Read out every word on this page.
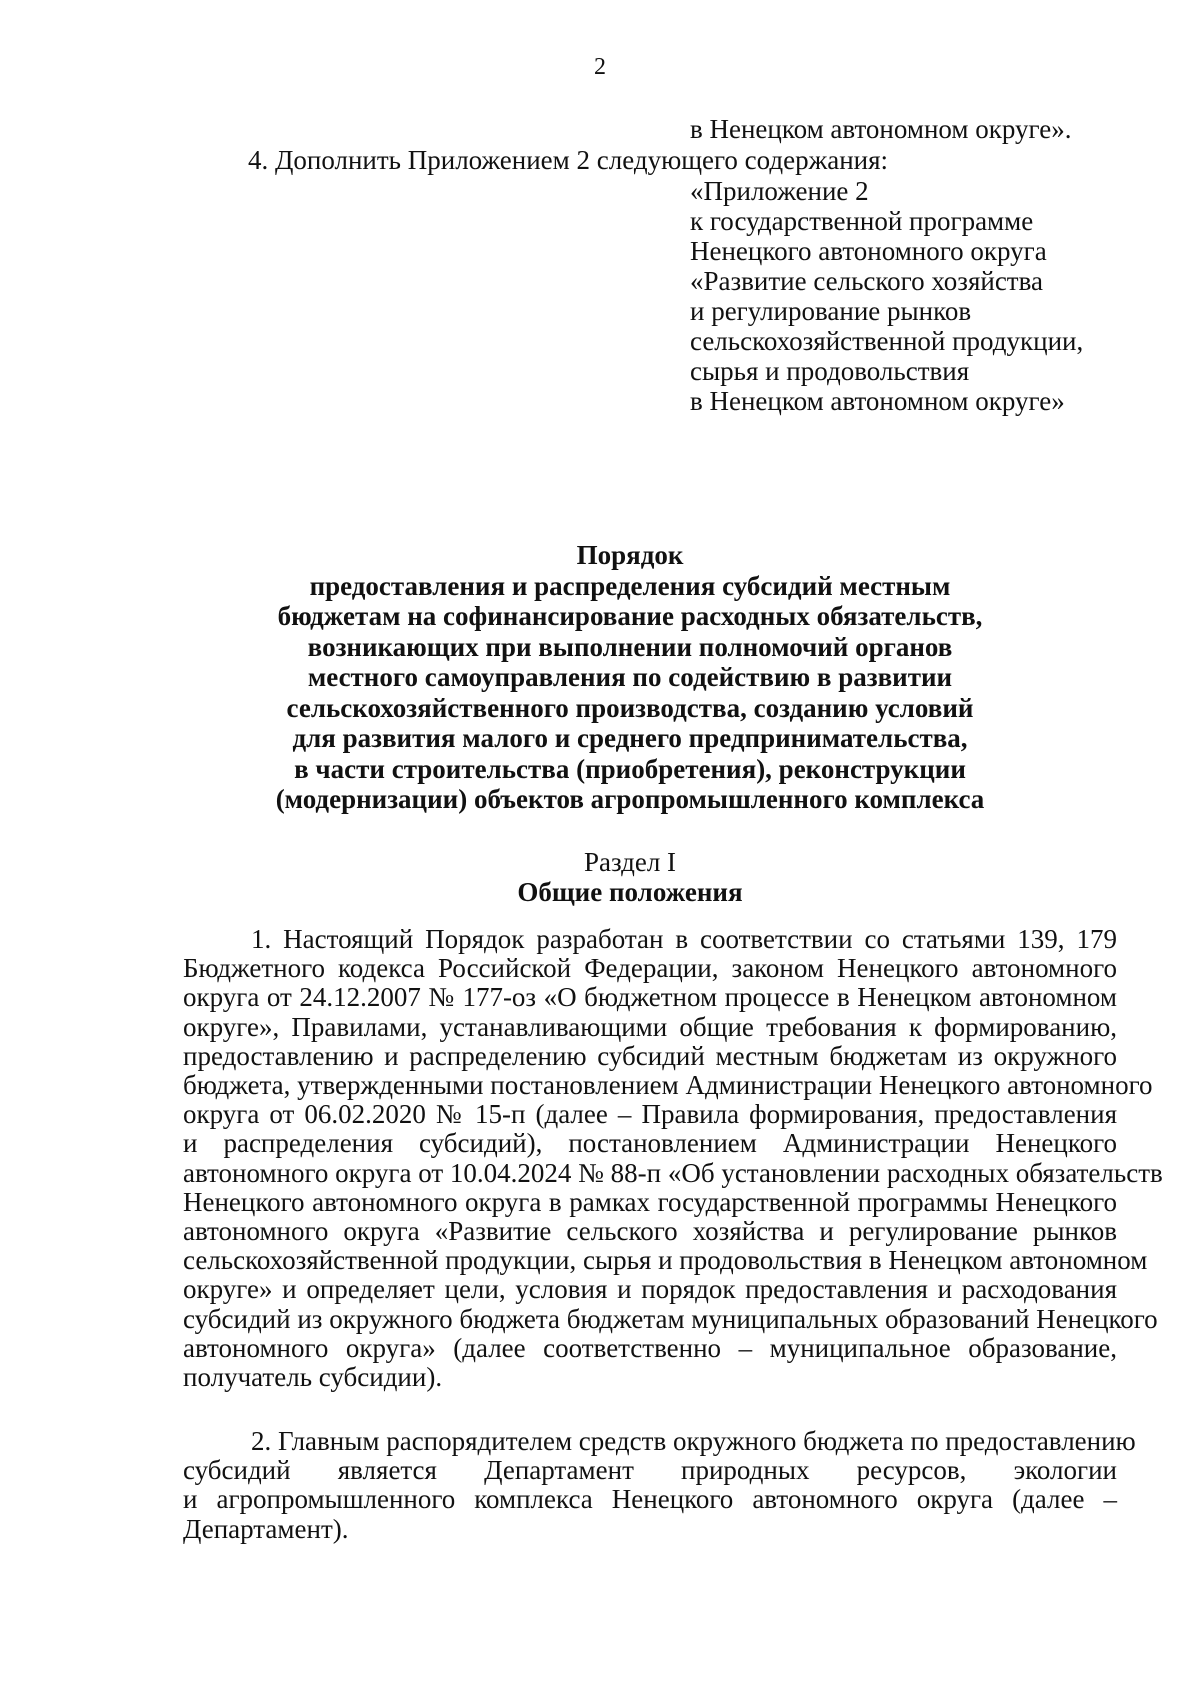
2
в Ненецком автономном округе».
4. Дополнить Приложением 2 следующего содержания:
«Приложение 2
к государственной программе
Ненецкого автономного округа
«Развитие сельского хозяйства
и регулирование рынков
сельскохозяйственной продукции,
сырья и продовольствия
в Ненецком автономном округе»
Порядок
предоставления и распределения субсидий местным
бюджетам на софинансирование расходных обязательств,
возникающих при выполнении полномочий органов
местного самоуправления по содействию в развитии
сельскохозяйственного производства, созданию условий
для развития малого и среднего предпринимательства,
в части строительства (приобретения), реконструкции
(модернизации) объектов агропромышленного комплекса
Раздел I
Общие положения
1. Настоящий Порядок разработан в соответствии со статьями 139, 179
Бюджетного кодекса Российской Федерации, законом Ненецкого автономного
округа от 24.12.2007 № 177-оз «О бюджетном процессе в Ненецком автономном
округе», Правилами, устанавливающими общие требования к формированию,
предоставлению и распределению субсидий местным бюджетам из окружного
бюджета, утвержденными постановлением Администрации Ненецкого автономного
округа от 06.02.2020 № 15-п (далее – Правила формирования, предоставления
и распределения субсидий), постановлением Администрации Ненецкого
автономного округа от 10.04.2024 № 88-п «Об установлении расходных обязательств
Ненецкого автономного округа в рамках государственной программы Ненецкого
автономного округа «Развитие сельского хозяйства и регулирование рынков
сельскохозяйственной продукции, сырья и продовольствия в Ненецком автономном
округе» и определяет цели, условия и порядок предоставления и расходования
субсидий из окружного бюджета бюджетам муниципальных образований Ненецкого
автономного округа» (далее соответственно – муниципальное образование,
получатель субсидии).
2. Главным распорядителем средств окружного бюджета по предоставлению
субсидий является Департамент природных ресурсов, экологии
и агропромышленного комплекса Ненецкого автономного округа (далее –
Департамент).
